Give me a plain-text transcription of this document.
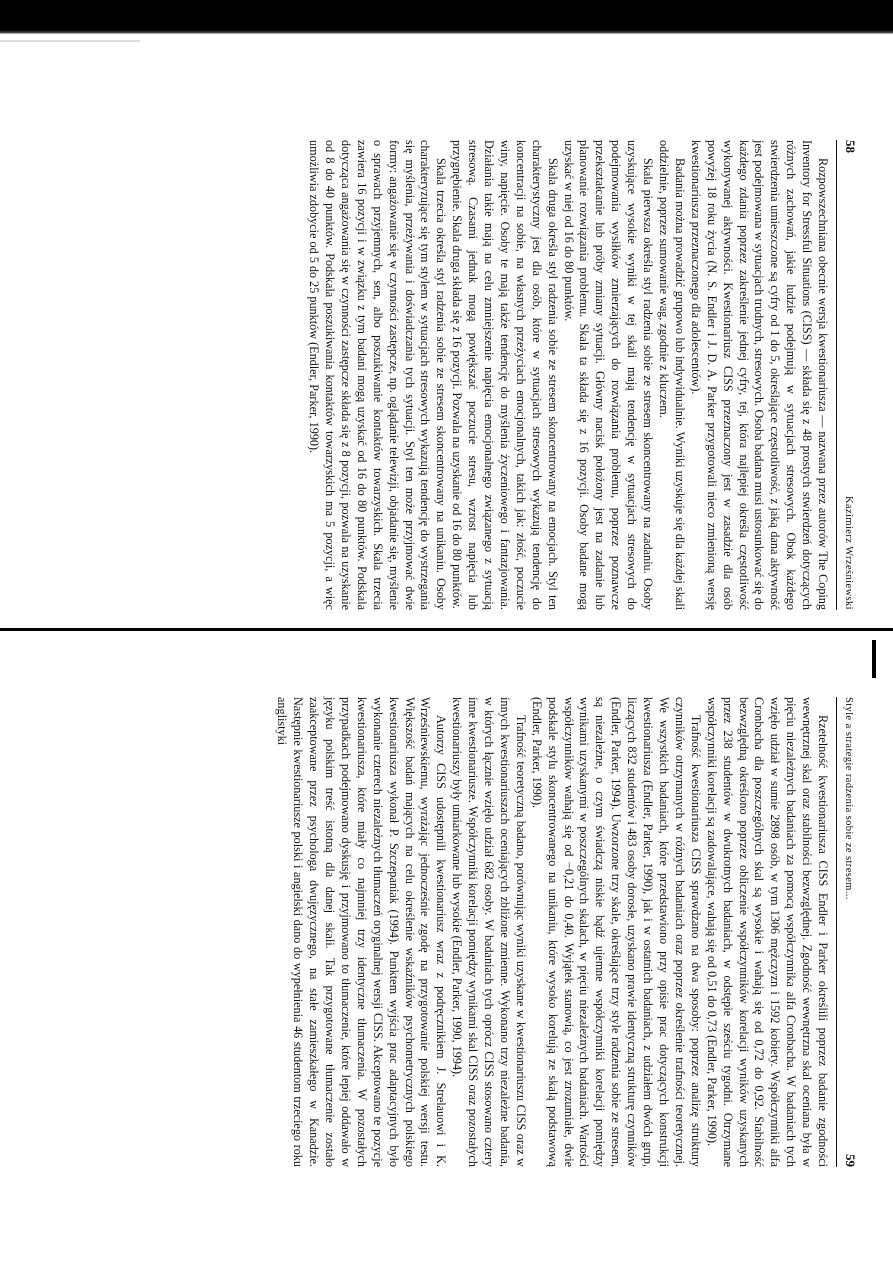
58
Kazimierz Wrześniewski

Rozpowszechniana obecnie wersja kwestionariusza — nazwana przez autorów The Coping Inventory for Stressful Situations (CISS) — składa się z 48 prostych stwierdzeń dotyczących różnych zachowań, jakie ludzie podejmują w sytuacjach stresowych. Obok każdego stwierdzenia umieszczone są cyfry od 1 do 5, określające częstotliwość, z jaką dana aktywność jest podejmowana w sytuacjach trudnych, stresowych. Osoba badana musi ustosunkować się do każdego zdania poprzez zakreślenie jednej cyfry, tej, która najlepiej określa częstotliwość wykonywanej aktywności. Kwestionariusz CISS przeznaczony jest w zasadzie dla osób powyżej 18 roku życia (N. S. Endler i J. D. A. Parker przygotowali nieco zmienioną wersję kwestionariusza przeznaczonego dla adolescentów).

Badania można prowadzić grupowo lub indywidualnie. Wyniki uzyskuje się dla każdej skali oddzielnie, poprzez sumowanie wag, zgodnie z kluczem.

Skala pierwsza określa styl radzenia sobie ze stresem skoncentrowany na zadaniu. Osoby uzyskujące wysokie wyniki w tej skali mają tendencję w sytuacjach stresowych do podejmowania wysiłków zmierzających do rozwiązania problemu, poprzez poznawcze przekształcanie lub próby zmiany sytuacji. Główny nacisk położony jest na zadanie lub planowanie rozwiązania problemu. Skala ta składa się z 16 pozycji. Osoby badane mogą uzyskać w niej od 16 do 80 punktów.

Skala druga określa styl radzenia sobie ze stresem skoncentrowany na emocjach. Styl ten charakterystyczny jest dla osób, które w sytuacjach stresowych wykazują tendencję do koncentracji na sobie, na własnych przeżyciach emocjonalnych, takich jak: złość, poczucie winy, napięcie. Osoby te mają także tendencję do myślenia życzeniowego i fantazjowania. Działania takie mają na celu zmniejszenie napięcia emocjonalnego związanego z sytuacją stresową. Czasami jednak mogą powiększać poczucie stresu, wzrost napięcia lub przygnębienie. Skala druga składa się z 16 pozycji. Pozwala na uzyskanie od 16 do 80 punktów.

Skala trzecia określa styl radzenia sobie ze stresem skoncentrowany na unikaniu. Osoby charakteryzujące się tym stylem w sytuacjach stresowych wykazują tendencję do wystrzegania się myślenia, przeżywania i doświadczania tych sytuacji. Styl ten może przyjmować dwie formy: angażowanie się w czynności zastępcze, np. oglądanie telewizji, objadanie się, myślenie o sprawach przyjemnych, sen, albo poszukiwanie kontaktów towarzyskich. Skala trzecia zawiera 16 pozycji i w związku z tym badani mogą uzyskać od 16 do 80 punktów. Podskala dotycząca angażowania się w czynności zastępcze składa się z 8 pozycji, pozwala na uzyskanie od 8 do 40 punktów. Podskala poszukiwania kontaktów towarzyskich ma 5 pozycji, a więc umożliwia zdobycie od 5 do 25 punktów (Endler, Parker, 1990).

Style a strategie radzenia sobie ze stresem...
59

Rzetelność kwestionariusza CISS Endler i Parker określili poprzez badanie zgodności wewnętrznej skal oraz stabilności bezwzględnej. Zgodność wewnętrzna skal oceniana była w pięciu niezależnych badaniach za pomocą współczynnika alfa Cronbacha. W badaniach tych wzięło udział w sumie 2898 osób, w tym 1306 mężczyzn i 1592 kobiety. Współczynniki alfa Cronbacha dla poszczególnych skal są wysokie i wahają się od 0,72 do 0,92. Stabilność bezwzględną określono poprzez obliczenie współczynników korelacji wyników uzyskanych przez 238 studentów w dwukrotnych badaniach, w odstępie sześciu tygodni. Otrzymane współczynniki korelacji są zadowalające, wahają się od 0,51 do 0,73 (Endler, Parker, 1990).

Trafność kwestionariusza CISS sprawdzano na dwa sposoby: poprzez analizę struktury czynników otrzymanych w różnych badaniach oraz poprzez określenie trafności teoretycznej. We wszystkich badaniach, które przedstawiono przy opisie prac dotyczących konstrukcji kwestionariusza (Endler, Parker, 1990), jak i w ostatnich badaniach, z udziałem dwóch grup, liczących 832 studentów i 483 osoby dorosłe, uzyskano prawie identyczną strukturę czynników (Endler, Parker, 1994). Uwzorzone trzy skale, określające trzy style radzenia sobie ze stresem, są niezależne, o czym świadczą niskie bądź ujemne współczynniki korelacji pomiędzy wynikami uzyskanymi w poszczególnych skalach, w pięciu niezależnych badaniach. Wartości współczynników wahają się od −0,21 do 0,40. Wyjątek stanowią, co jest zrozumiałe, dwie podskale stylu skoncentrowanego na unikaniu, które wysoko korelują ze skalą podstawową (Endler, Parker, 1990).

Trafność teoretyczną badano, porównując wyniki uzyskane w kwestionariuszu CISS oraz w innych kwestionariuszach oceniających zbliżone zmienne. Wykonano trzy niezależne badania, w których łącznie wzięło udział 682 osoby. W badaniach tych oprócz CISS stosowano cztery inne kwestionariusze. Współczynniki korelacji pomiędzy wynikami skal CISS oraz pozostałych kwestionariuszy były umiarkowane lub wysokie (Endler, Parker, 1990, 1994).

Autorzy CISS udostępnili kwestionariusz wraz z podręcznikiem J. Strelauowi i K. Wrześniewskiemu, wyrażając jednocześnie zgodę na przygotowanie polskiej wersji testu. Większość badań mających na celu określenie wskaźników psychometrycznych polskiego kwestionariusza wykonał P. Szczepaniak (1994). Punktem wyjścia prac adaptacyjnych było wykonanie czterech niezależnych tłumaczeń oryginalnej wersji CISS. Akceptowano te pozycje kwestionariusza, które miały co najmniej trzy identyczne tłumaczenia. W pozostałych przypadkach podejmowano dyskusję i przyjmowano to tłumaczenie, które lepiej oddawało w języku polskim treść istotną dla danej skali. Tak przygotowane tłumaczenie zostało zaakceptowane przez psychologa dwujęzycznego, na stałe zamieszkałego w Kanadzie. Następnie kwestionariusze polski i angielski dano do wypełnienia 46 studentom trzeciego roku anglistyki
